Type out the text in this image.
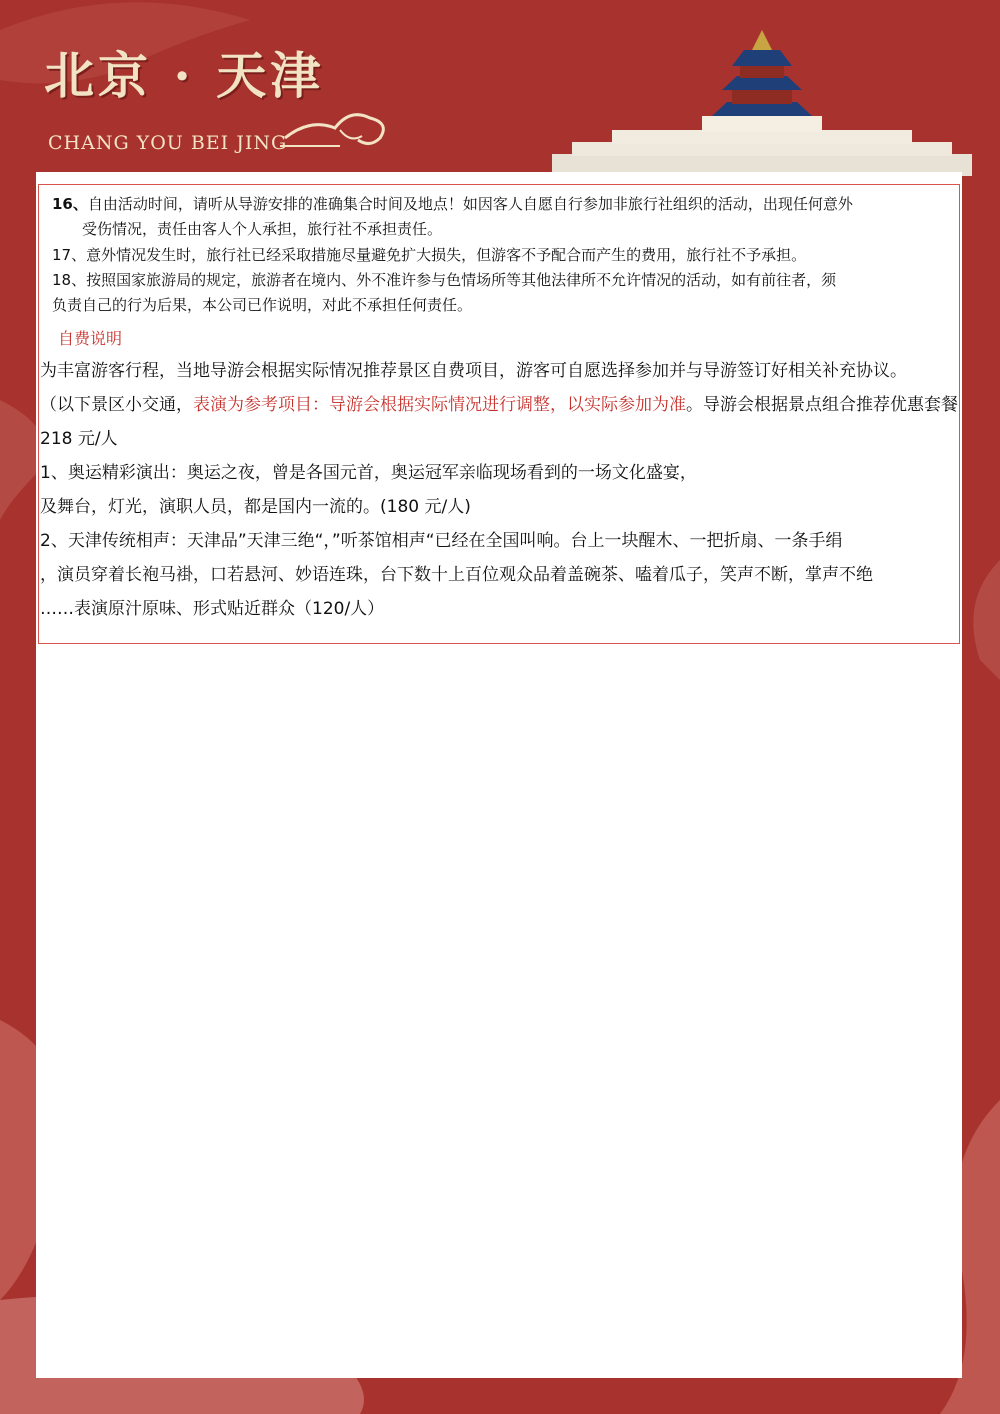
北京 · 天津
CHANG YOU BEI JING
16、自由活动时间，请听从导游安排的准确集合时间及地点！如因客人自愿自行参加非旅行社组织的活动，出现任何意外
受伤情况，责任由客人个人承担，旅行社不承担责任。
17、意外情况发生时，旅行社已经采取措施尽量避免扩大损失，但游客不予配合而产生的费用，旅行社不予承担。
18、按照国家旅游局的规定，旅游者在境内、外不准许参与色情场所等其他法律所不允许情况的活动，如有前往者，须
负责自己的行为后果，本公司已作说明，对此不承担任何责任。
自费说明
为丰富游客行程，当地导游会根据实际情况推荐景区自费项目，游客可自愿选择参加并与导游签订好相关补充协议。
（以下景区小交通，表演为参考项目：导游会根据实际情况进行调整，以实际参加为准。导游会根据景点组合推荐优惠套餐
218 元/人
1、奥运精彩演出：奥运之夜，曾是各国元首，奥运冠军亲临现场看到的一场文化盛宴，
及舞台，灯光，演职人员，都是国内一流的。(180 元/人)
2、天津传统相声：天津品”天津三绝“，”听茶馆相声“已经在全国叫响。台上一块醒木、一把折扇、一条手绢
，演员穿着长袍马褂，口若悬河、妙语连珠，台下数十上百位观众品着盖碗茶、嗑着瓜子，笑声不断，掌声不绝
……表演原汁原味、形式贴近群众（120/人）
